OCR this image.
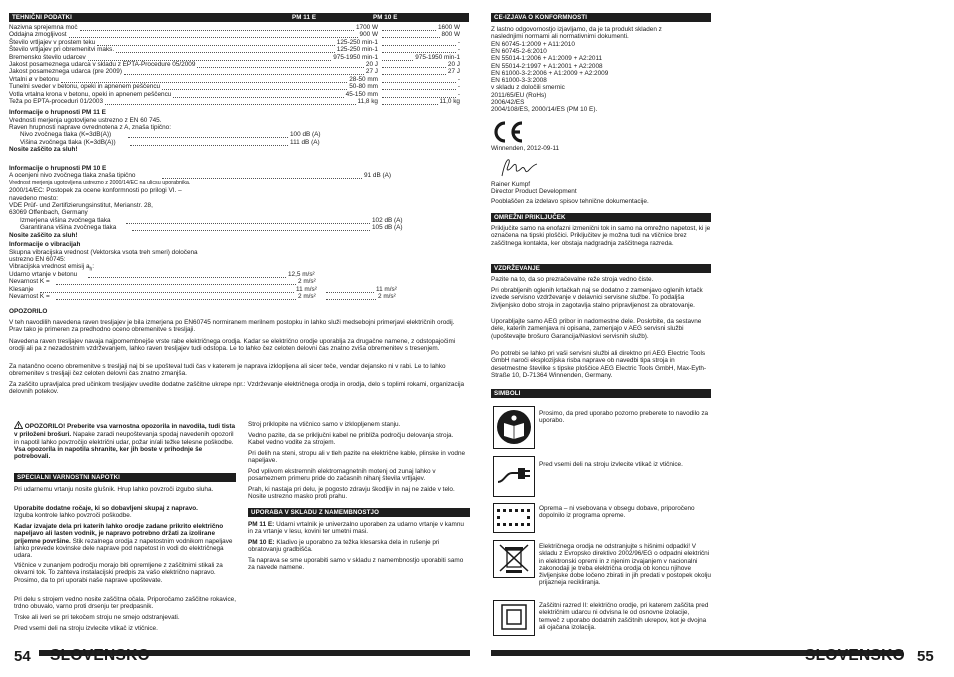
TEHNIČNI PODATKI	PM 11 E	PM 10 E
Informacije o hrupnosti PM 11 E
Vrednosti merjenja ugotovljene ustrezno z EN 60 745.
Raven hrupnosti naprave ovrednotena z A, znaša tipično:
Nivo zvočnega tlaka (K=3dB(A))	100 dB (A)
Višina zvočnega tlaka (K=3dB(A))	111 dB (A)
Nosite zaščito za sluh!
Informacije o hrupnosti PM 10 E
A ocenjeni nivo zvočnega tlaka znaša tipično	91 dB (A)
Vrednost merjenja ugotovljena ustrezno z 2000/14/EC na ulicsu uporabnika.
2000/14/EC: Postopek za ocene konformnosti po prilogi VI. –
navedeno mesto:
VDE Prüf- und Zertifizierungsinstitut, Merianstr. 28,
63069 Offenbach, Germany
Izmerjena višina zvočnega tlaka	102 dB (A)
Garantirana višina zvočnega tlaka	105 dB (A)
Nosite zaščito za sluh!
Informacije o vibracijah
Skupna vibracijska vrednost (Vektorska vsota treh smeri) določena
ustrezno EN 60745:
Vibracijska vrednost emisij $a_h$:
Udarno vrtanje v betonu	12,5 m/s²
Nevarnost K =	2 m/s²
Klesanje	11 m/s²	11 m/s²
Nevarnost K =	2 m/s²	2 m/s²
OPOZORILO
V teh navodilih navedena raven tresljajev je bila izmerjena po EN60745 normiranem merilnem postopku in lahko služi medsebojni primerjavi električnih orodij. Prav tako je primeren za predhodno oceno obremenitve s tresljaji.
Navedena raven tresljajev navaja najpomembnejše vrste rabe električnega orodja. Kadar se električno orodje uporablja za drugačne namene, z odstopajočimi orodji ali pa z nezadostnim vzdrževanjem, lahko raven tresljajev tudi odstopa. Le to lahko čez celoten delovni čas znatno zviša obremenitev s tresenjem.
Za natančno oceno obremenitve s tresljaji naj bi se upošteval tudi čas v katerem je naprava izklopljena ali sicer teče, vendar dejansko ni v rabi. Le to lahko obremenitev s tresljaji čez celoten delovni čas znatno zmanjša.
Za zaščito upravljalca pred učinkom tresljajev uvedite dodatne zaščitne ukrepe npr.: Vzdrževanje električnega orodja in orodja, delo s toplimi rokami, organizacija delovnih potekov.
OPOZORILO! Preberite vsa varnostna opozorila in navodila, tudi tista v priloženi brošuri. Napake zaradi neupoštevanja spodaj navedenih opozoril in napotil lahko povzročijo električni udar, požar in/ali težke telesne poškodbe.
Vsa opozorila in napotila shranite, ker jih boste v prihodnje še potrebovali.
SPECIALNI VARNOSTNI NAPOTKI
Pri udarnemu vrtanju nosite glušnik. Hrup lahko povzroči izgubo sluha.
Uporabite dodatne ročaje, ki so dobavljeni skupaj z napravo.
Izguba kontrole lahko povzroči poškodbe.
Kadar izvajate dela pri katerih lahko orodje zadane prikrito električno napeljavo ali lasten vodnik, je napravo potrebno držati za izolirane prijemne površine. Stik rezalnega orodja z napetostnim vodnikom napeljave lahko prevede kovinske dele naprave pod napetost in vodi do električnega udara.
Vtičnice v zunanjem področju morajo biti opremljene z zaščitnimi stikali za okvarni tok. To zahteva instalacijski predpis za vašo električno napravo. Prosimo, da to pri uporabi naše naprave upoštevate.
Pri delu s strojem vedno nosite zaščitna očala. Priporočamo zaščitne rokavice, trdno obuvalo, varno proti drsenju ter predpasnik.
Trske ali iveri se pri tekočem stroju ne smejo odstranjevati.
Pred vsemi deli na stroju izvlecite vtikač iz vtičnice.
Stroj priklopite na vtičnico samo v izklopljenem stanju.
Vedno pazite, da se priključni kabel ne približa področju delovanja stroja. Kabel vedno vodite za strojem.
Pri delih na steni, stropu ali v tleh pazite na električne kable, plinske in vodne napeljave.
Pod vplivom ekstremnih elektromagnetnih motenj od zunaj lahko v posameznem primeru pride do začasnih nihanj števila vrtljajev.
Prah, ki nastaja pri delu, je pogosto zdravju škodljiv in naj ne zaide v telo. Nosite ustrezno masko proti prahu.
UPORABA V SKLADU Z NAMEMBNOSTJO
PM 11 E: Udarni vrtalnik je univerzalno uporaben za udarno vrtanje v kamnu in za vrtanje v lesu, kovini ter umetni masi.
PM 10 E: Kladivo je uporabno za težka klesarska dela in rušenje pri obratovanju gradbišča.
Ta naprava se sme uporabiti samo v skladu z namembnostjo uporabiti samo za navede namene.
54 SLOVENSKO
Nazivna sprejemna moč	1700 W	1600 W
Oddajna zmogljivost	900 W	800 W
Število vrtljajev v prostem teku	125-250 min-1	-
Število vrtljajev pri obremenitvi maks.	125-250 min-1	-
Bremensko število udarcev	975-1950 min-1	975-1950 min-1
Jakost posameznega udarca v skladu z EPTA-Procedure 05/2009	20 J	20 J
Jakost posameznega udarca (pre 2009)	27 J	27 J
Vrtalni ø v betonu	28-50 mm	-
Tunelni sveder v betonu, opeki in apnenem peščencu	50-80 mm	-
Votla vrtalna krona v betonu, opeki in apnenem peščencu	45-150 mm	-
Teža po EPTA-proceduri 01/2003	11,8 kg	11,0 kg
CE-IZJAVA O KONFORMNOSTI
Winnenden, 2012-09-11
Rainer Kumpf
Director Product Development
Pooblaščen za izdelavo spisov tehnične dokumentacije.
OMREŽNI PRIKLJUČEK
Priključite samo na enofazni izmenični tok in samo na omrežno napetost, ki je označena na tipski ploščici. Priključitev je možna tudi na vtičnice brez zaščitnega kontakta, ker obstaja nadgradnja zaščitnega razreda.
VZDRŽEVANJE
Pazite na to, da so prezračevalne reže stroja vedno čiste.
Pri obrabljenih oglenih krtačkah naj se dodatno z zamenjavo oglenih krtačk izvede servisno vzdrževanje v delavnici servisne službe. To podaljša življenjsko dobo stroja in zagotavlja stalno pripravljenost za obratovanje.
Uporabljajte samo AEG pribor in nadomestne dele. Poskrbite, da sestavne dele, katerih zamenjava ni opisana, zamenjajo v AEG servisni službi (upoštevajte brošuro Garancija/Naslovi servisnih služb).
Po potrebi se lahko pri vaši servisni službi ali direktno pri AEG Electric Tools GmbH naroči eksplozijska risba naprave ob navedbi tipa stroja in desetmestne številke s tipske ploščice AEG Electric Tools GmbH, Max-Eyth-Straße 10, D-71364 Winnenden, Germany.
SIMBOLI
Prosimo, da pred uporabo pozorno preberete to navodilo za uporabo.
Pred vsemi deli na stroju izvlecite vtikač iz vtičnice.
Oprema – ni vsebovana v obsegu dobave, priporočeno dopolnilo iz programa opreme.
Električnega orodja ne odstranjujte s hišnimi odpadki! V skladu z Evropsko direktivo 2002/96/EG o odpadni električni in elektronski opremi in z njenim izvajanjem v nacionalni zakonodaji je treba električna orodja ob koncu njihove življenjske dobe ločeno zbirati in jih predati v postopek okolju prijazneja recikliranja.
Zaščitni razred II: električno orodje, pri katerem zaščita pred električnim udarcu ni odvisna le od osnovne izolacije, temveč z uporabo dodatnih zaščitnih ukrepov, kot je dvojna ali ojačana izolacija.
SLOVENSKO 55
Z lastno odgovornostjo izjavljamo, da je ta produkt skladen z
naslednjimi normami ali normativnimi dokumenti.
EN 60745-1:2009 + A11:2010
EN 60745-2-6:2010
EN 55014-1:2006 + A1:2009 + A2:2011
EN 55014-2:1997 + A1:2001 + A2:2008
EN 61000-3-2:2006 + A1:2009 + A2:2009
EN 61000-3-3:2008
v skladu z določili smernic
2011/65/EU (RoHs)
2006/42/ES
2004/108/ES, 2000/14/ES (PM 10 E).
